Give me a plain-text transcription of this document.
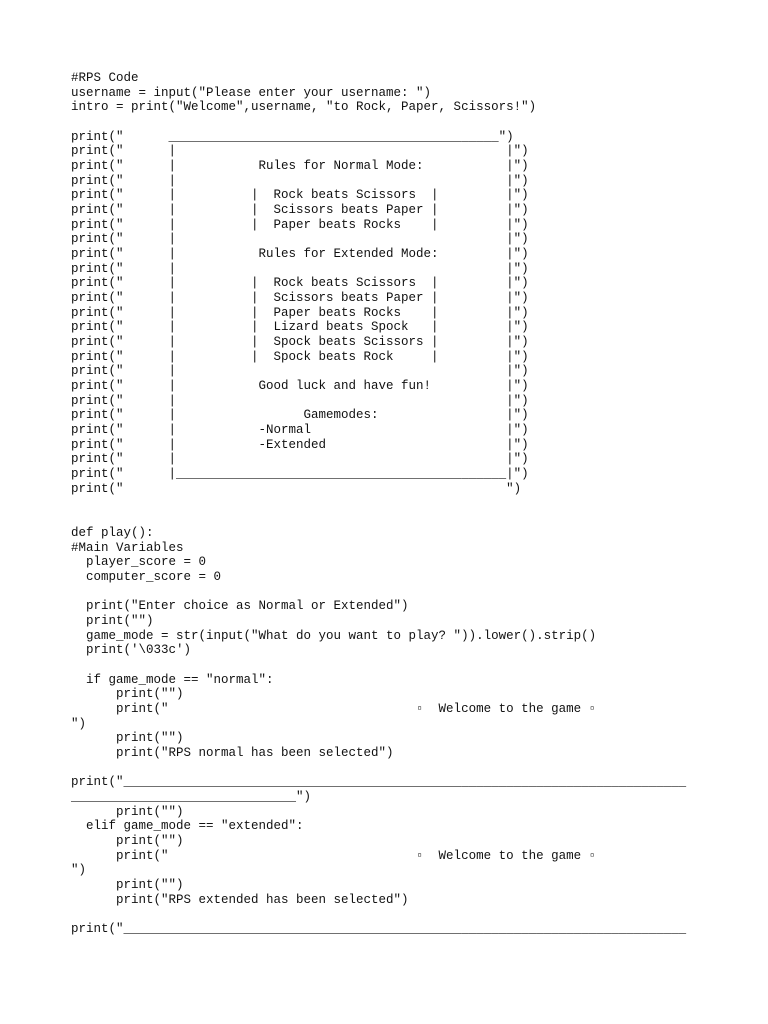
#RPS Code
username = input("Please enter your username: ")
intro = print("Welcome",username, "to Rock, Paper, Scissors!")

print("      ____________________________________________")
print("      |                                            |")
print("      |           Rules for Normal Mode:           |")
print("      |                                            |")
print("      |          |  Rock beats Scissors  |         |")
print("      |          |  Scissors beats Paper |         |")
print("      |          |  Paper beats Rocks    |         |")
print("      |                                            |")
print("      |           Rules for Extended Mode:         |")
print("      |                                            |")
print("      |          |  Rock beats Scissors  |         |")
print("      |          |  Scissors beats Paper |         |")
print("      |          |  Paper beats Rocks    |         |")
print("      |          |  Lizard beats Spock   |         |")
print("      |          |  Spock beats Scissors |         |")
print("      |          |  Spock beats Rock     |         |")
print("      |                                            |")
print("      |           Good luck and have fun!          |")
print("      |                                            |")
print("      |                 Gamemodes:                 |")
print("      |           -Normal                          |")
print("      |           -Extended                        |")
print("      |                                            |")
print("      |____________________________________________|")
print("                                                   ")

def play():
#Main Variables
player_score = 0
computer_score = 0

print("Enter choice as Normal or Extended")
print("")
game_mode = str(input("What do you want to play? ")).lower().strip()
print('\033c')

if game_mode == "normal":
print("")
print("                                 ▫  Welcome to the game ▫
")
print("")
print("RPS normal has been selected")

print("___________________________________________________________________________
______________________________")
print("")
elif game_mode == "extended":
print("")
print("                                 ▫  Welcome to the game ▫
")
print("")
print("RPS extended has been selected")

print("___________________________________________________________________________
